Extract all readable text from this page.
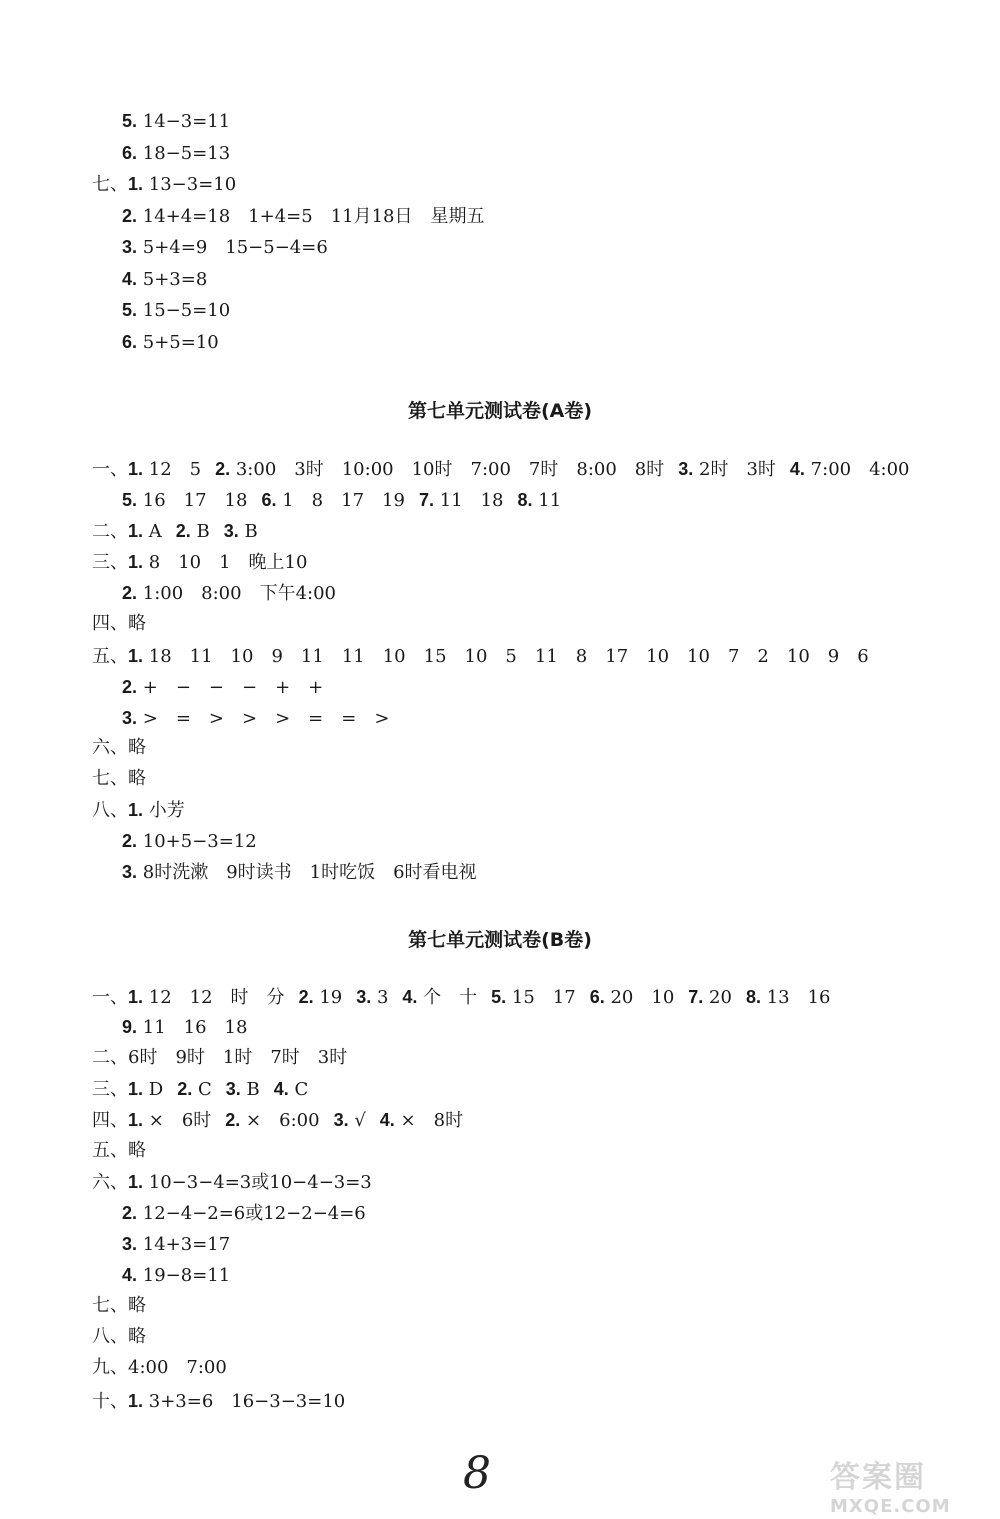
5. 14−3=11
6. 18−5=13
七、1. 13−3=10
2. 14+4=18　1+4=5　11月18日　星期五
3. 5+4=9　15−5−4=6
4. 5+3=8
5. 15−5=10
6. 5+5=10
第七单元测试卷(A卷)
一、1. 12　5 2. 3:00　3时　10:00　10时　7:00　7时　8:00　8时 3. 2时　3时 4. 7:00　4:00
5. 16　17　18 6. 1　8　17　19 7. 11　18 8. 11
二、1. A 2. B 3. B
三、1. 8　10　1　晚上10
2. 1:00　8:00　下午4:00
四、略
五、1. 18　11　10　9　11　11　10　15　10　5　11　8　17　10　10　7　2　10　9　6
2. +　−　−　−　+　+
3. >　=　>　>　>　=　=　>
六、略
七、略
八、1. 小芳
2. 10+5−3=12
3. 8时洗漱　9时读书　1时吃饭　6时看电视
第七单元测试卷(B卷)
一、1. 12　12　时　分 2. 19 3. 3 4. 个　十 5. 15　17 6. 20　10 7. 20 8. 13　16
9. 11　16　18
二、6时　9时　1时　7时　3时
三、1. D 2. C 3. B 4. C
四、1. ×　6时 2. ×　6:00 3. √ 4. ×　8时
五、略
六、1. 10−3−4=3或10−4−3=3
2. 12−4−2=6或12−2−4=6
3. 14+3=17
4. 19−8=11
七、略
八、略
九、4:00　7:00
十、1. 3+3=6　16−3−3=10
8	答案圈
MXQE.COM
